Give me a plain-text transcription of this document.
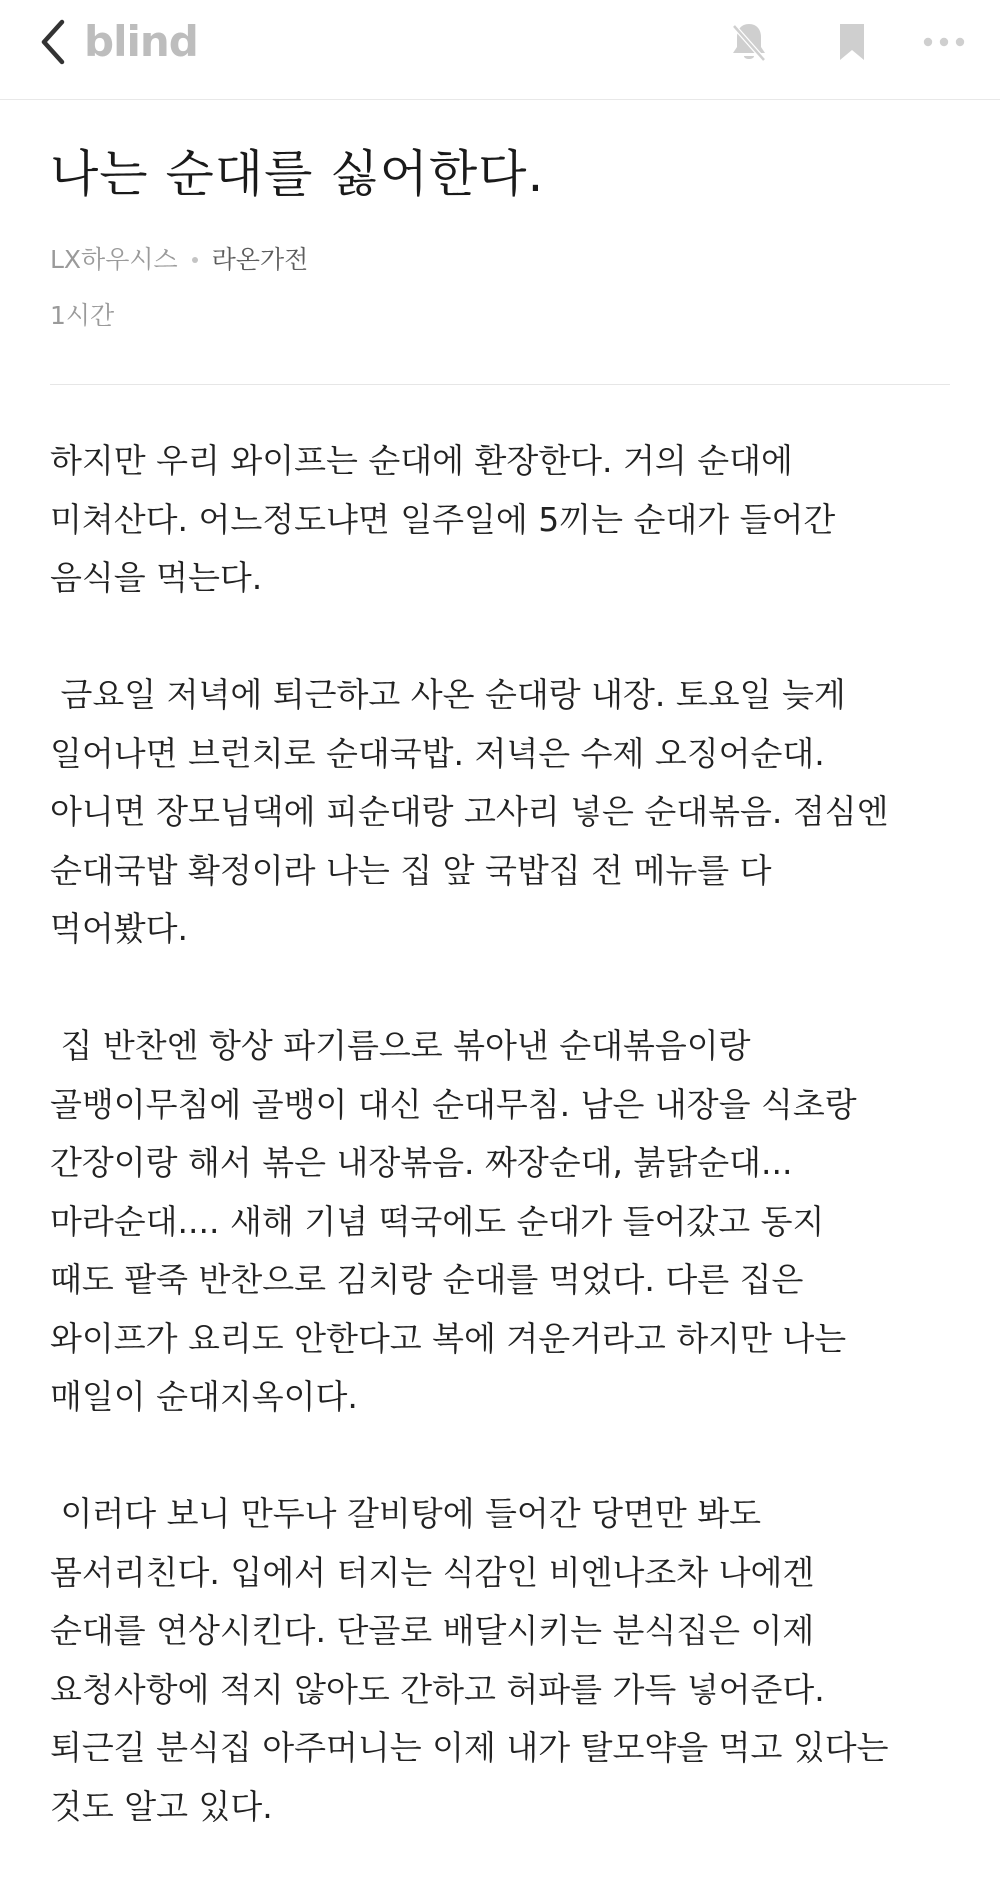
blind
나는 순대를 싫어한다.
LX하우시스 라온가전
1시간

하지만 우리 와이프는 순대에 환장한다. 거의 순대에
미쳐산다. 어느정도냐면 일주일에 5끼는 순대가 들어간
음식을 먹는다.

금요일 저녁에 퇴근하고 사온 순대랑 내장. 토요일 늦게
일어나면 브런치로 순대국밥. 저녁은 수제 오징어순대.
아니면 장모님댁에 피순대랑 고사리 넣은 순대볶음. 점심엔
순대국밥 확정이라 나는 집 앞 국밥집 전 메뉴를 다
먹어봤다.

집 반찬엔 항상 파기름으로 볶아낸 순대볶음이랑
골뱅이무침에 골뱅이 대신 순대무침. 남은 내장을 식초랑
간장이랑 해서 볶은 내장볶음. 짜장순대, 붉닭순대...
마라순대.... 새해 기념 떡국에도 순대가 들어갔고 동지
때도 팥죽 반찬으로 김치랑 순대를 먹었다. 다른 집은
와이프가 요리도 안한다고 복에 겨운거라고 하지만 나는
매일이 순대지옥이다.

이러다 보니 만두나 갈비탕에 들어간 당면만 봐도
몸서리친다. 입에서 터지는 식감인 비엔나조차 나에겐
순대를 연상시킨다. 단골로 배달시키는 분식집은 이제
요청사항에 적지 않아도 간하고 허파를 가득 넣어준다.
퇴근길 분식집 아주머니는 이제 내가 탈모약을 먹고 있다는
것도 알고 있다.
